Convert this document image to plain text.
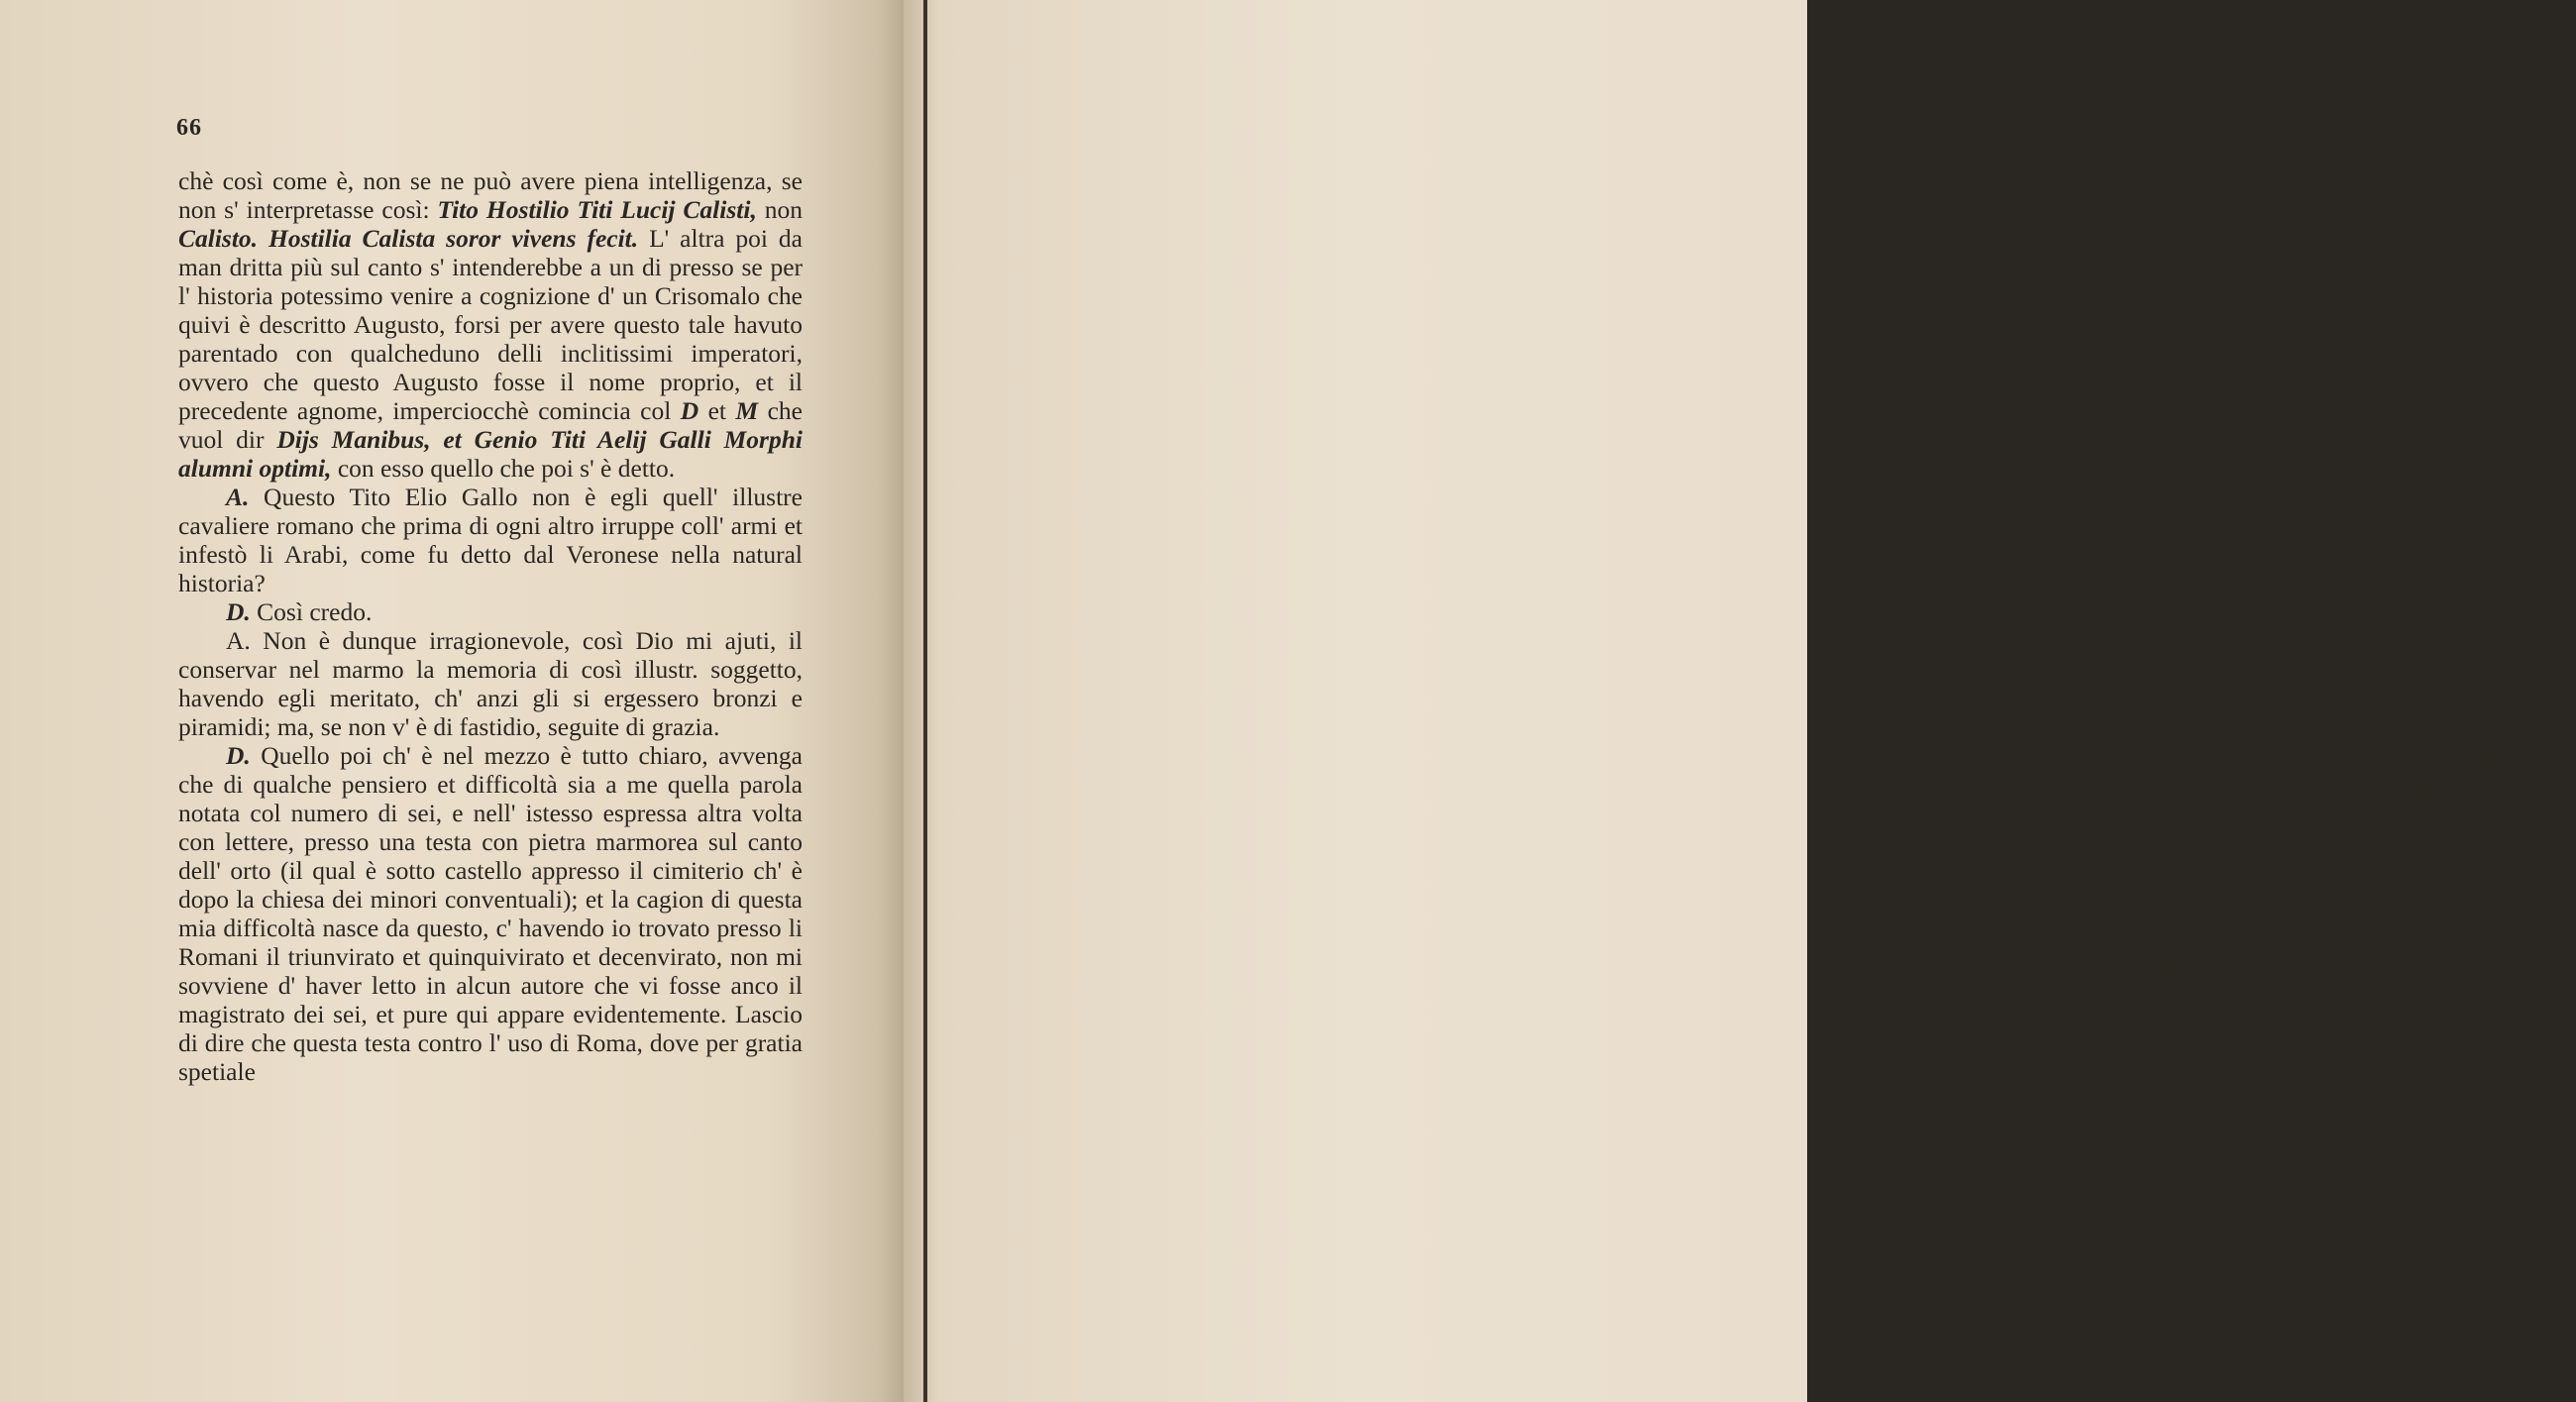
66

chè così come è, non se ne può avere piena intelligenza, se non s' interpretasse così: Tito Hostilio Titi Lucij Calisti, non Calisto. Hostilia Calista soror vivens fecit. L' altra poi da man dritta più sul canto s' intenderebbe a un di presso se per l' historia potessimo venire a cognizione d' un Crisomalo che quivi è descritto Augusto, forsi per avere questo tale havuto parentado con qualcheduno delli inclitissimi imperatori, ovvero che questo Augusto fosse il nome proprio, et il precedente agnome, imperciocchè comincia col D et M che vuol dir Dijs Manibus, et Genio Titi Aelij Galli Morphi alumni optimi, con esso quello che poi s' è detto.

A. Questo Tito Elio Gallo non è egli quell' illustre cavaliere romano che prima di ogni altro irruppe coll' armi et infestò li Arabi, come fu detto dal Veronese nella natural historia?

D. Così credo.

A. Non è dunque irragionevole, così Dio mi ajuti, il conservar nel marmo la memoria di così illustr. soggetto, havendo egli meritato, ch' anzi gli si ergessero bronzi e piramidi; ma, se non v' è di fastidio, seguite di grazia.

D. Quello poi ch' è nel mezzo è tutto chiaro, avvenga che di qualche pensiero et difficoltà sia a me quella parola notata col numero di sei, e nell' istesso espressa altra volta con lettere, presso una testa con pietra marmorea sul canto dell' orto (il qual è sotto castello appresso il cimiterio ch' è dopo la chiesa dei minori conventuali); et la cagion di questa mia difficoltà nasce da questo, c' havendo io trovato presso li Romani il triunvirato et quinquivirato et decenvirato, non mi sovviene d' haver letto in alcun autore che vi fosse anco il magistrato dei sei, et pure qui appare evidentemente. Lascio di dire che questa testa contro l' uso di Roma, dove per gratia spetiale

67

fu concesso ad alcuni 'l . . . . . . . o per coprire il calvitio, o per cause urgenti (come si prova coll' esempio di moltissime statue, et l' autorità, tra i moderni scrittori, dell' ingegnosissimo et dotto imperista Scipione Amirato) sia coperta et velata nell' intaglio alla foggia de li flamini; et ritornando da capo, per avviso di quei che leggeranno il presente trattato, dico c' havrei di bisogno anch' io, com' in tutte l' altre mie cose, di maestro nell' historia, per intendere chi fosse Quinto Sirtio Calisto nell' epitafio notato con Lecania Prisca, che nell' istesso è descritta moglie, non trovando nè presso Quinto Curzio o Dionisio, o 'l padovano alcuna memoria d' essi; ma ciò che si sia, è forza che fossero grand' heroi, poichè furono Romani, nell' insuperbito valore de' quali (come dimostra il trionfato mondo tra l' Oriente e l' Occidente) l' istesse cose impossibili si resero fattibili altutto, et quindi saggiamente havendo introdotto l' accorto imperista per capo in segno di operata virtù, l' atione del bruciante braccio del glorioso Scevola davanti la maestà del gran eroe Porsenna (re nella bella patria Etruria di Chiusini, la città regia del quale, già famosissima detta Chiusi, è hoggi nell' ambito suo quanto è 'l famosissimo laberinto sotto la piazza) avere la pittura col motto pieno di spirito, fortia facere et pati, romanum est. La greca poi (s' è vero che quelle lettere siano state alterate, il che a me non pare, mostrandosi esse vecchissime) pare che voglia dire, stante l' immutazione, che affermano essere stata fatta, che per la spada questa città bona et d' oro sia andata a male; perchè è scritto col proprio lor carattere, Ρουφεα Χρυσοπόλις καλλί, ovvero leggendo non come la parola vien emendata, ma come giace, che certo Ruffo, capo di Colchi d' essa edificatori, dal nome suo, essendone esso stato fondatore, la chiamasse, imperocchè è scritto

✲
